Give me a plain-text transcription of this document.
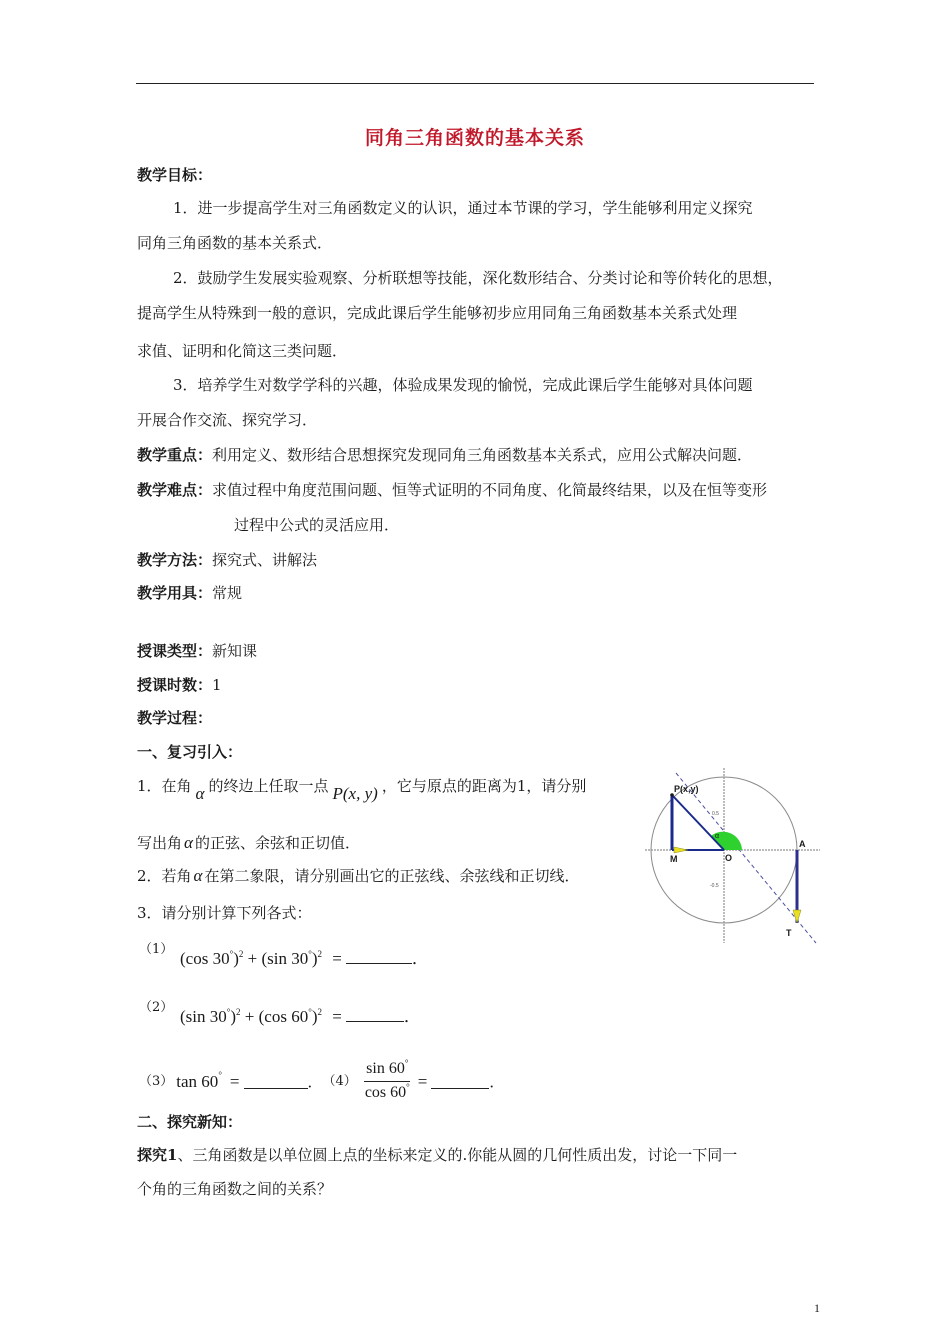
同角三角函数的基本关系
教学目标：
1．进一步提高学生对三角函数定义的认识，通过本节课的学习，学生能够利用定义探究
同角三角函数的基本关系式．
2．鼓励学生发展实验观察、分析联想等技能，深化数形结合、分类讨论和等价转化的思想，
提高学生从特殊到一般的意识，完成此课后学生能够初步应用同角三角函数基本关系式处理
求值、证明和化简这三类问题．
3．培养学生对数学学科的兴趣，体验成果发现的愉悦，完成此课后学生能够对具体问题
开展合作交流、探究学习．
教学重点：利用定义、数形结合思想探究发现同角三角函数基本关系式，应用公式解决问题．
教学难点：求值过程中角度范围问题、恒等式证明的不同角度、化简最终结果，以及在恒等变形
过程中公式的灵活应用．
教学方法：探究式、讲解法
教学用具：常规
授课类型：新知课
授课时数：1
教学过程：
一、复习引入：
1．在角 α 的终边上任取一点 P(x, y) ，它与原点的距离为1，请分别
写出角 α 的正弦、余弦和正切值．
2．若角 α 在第二象限，请分别画出它的正弦线、余弦线和正切线．
3．请分别计算下列各式：
（1） (cos 30°)$^2$ + (sin 30°)$^2$ =	．
（2） (sin 30°)$^2$ + (cos 60°)$^2$ =	．
（3） tan 60 ° =	． $(4) \frac{\sin 60^\circ}{\cos 60^\circ}$ =	．
二、探究新知：
探究1、三角函数是以单位圆上点的坐标来定义的.你能从圆的几何性质出发，讨论一下同一
个角的三角函数之间的关系？
α
P(x,y)
M	O
A
T
0.5
-0.5
1
